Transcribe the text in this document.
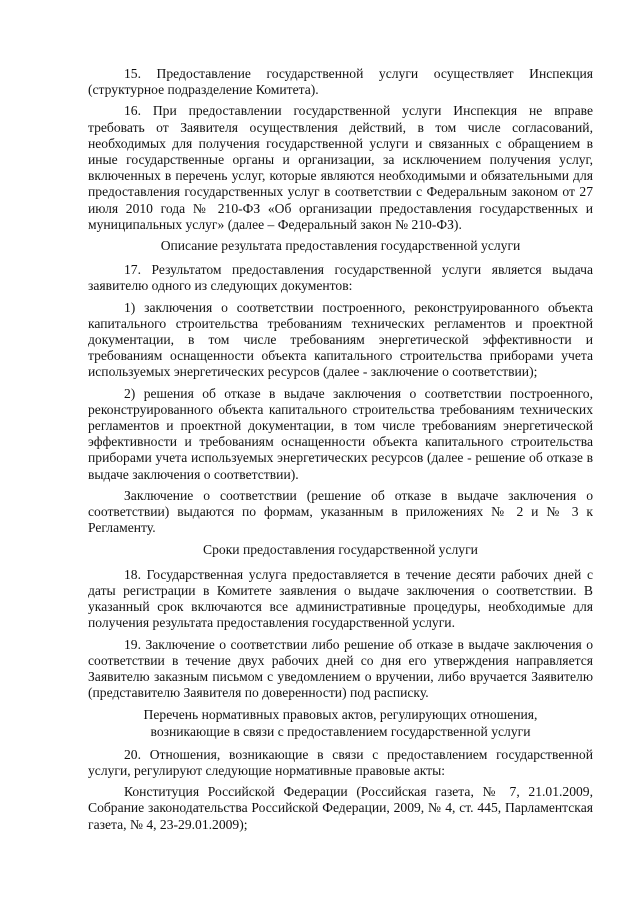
15. Предоставление государственной услуги осуществляет Инспекция (структурное подразделение Комитета).

16. При предоставлении государственной услуги Инспекция не вправе требовать от Заявителя осуществления действий, в том числе согласований, необходимых для получения государственной услуги и связанных с обращением в иные государственные органы и организации, за исключением получения услуг, включенных в перечень услуг, которые являются необходимыми и обязательными для предоставления государственных услуг в соответствии с Федеральным законом от 27 июля 2010 года № 210-ФЗ «Об организации предоставления государственных и муниципальных услуг» (далее – Федеральный закон № 210-ФЗ).

Описание результата предоставления государственной услуги

17. Результатом предоставления государственной услуги является выдача заявителю одного из следующих документов:

1) заключения о соответствии построенного, реконструированного объекта капитального строительства требованиям технических регламентов и проектной документации, в том числе требованиям энергетической эффективности и требованиям оснащенности объекта капитального строительства приборами учета используемых энергетических ресурсов (далее - заключение о соответствии);

2) решения об отказе в выдаче заключения о соответствии построенного, реконструированного объекта капитального строительства требованиям технических регламентов и проектной документации, в том числе требованиям энергетической эффективности и требованиям оснащенности объекта капитального строительства приборами учета используемых энергетических ресурсов (далее - решение об отказе в выдаче заключения о соответствии).

Заключение о соответствии (решение об отказе в выдаче заключения о соответствии) выдаются по формам, указанным в приложениях № 2 и № 3 к Регламенту.

Сроки предоставления государственной услуги

18. Государственная услуга предоставляется в течение десяти рабочих дней с даты регистрации в Комитете заявления о выдаче заключения о соответствии. В указанный срок включаются все административные процедуры, необходимые для получения результата предоставления государственной услуги.

19. Заключение о соответствии либо решение об отказе в выдаче заключения о соответствии в течение двух рабочих дней со дня его утверждения направляется Заявителю заказным письмом с уведомлением о вручении, либо вручается Заявителю (представителю Заявителя по доверенности) под расписку.

Перечень нормативных правовых актов, регулирующих отношения,
возникающие в связи с предоставлением государственной услуги

20. Отношения, возникающие в связи с предоставлением государственной услуги, регулируют следующие нормативные правовые акты:

Конституция Российской Федерации (Российская газета, № 7, 21.01.2009, Собрание законодательства Российской Федерации, 2009, № 4, ст. 445, Парламентская газета, № 4, 23-29.01.2009);
